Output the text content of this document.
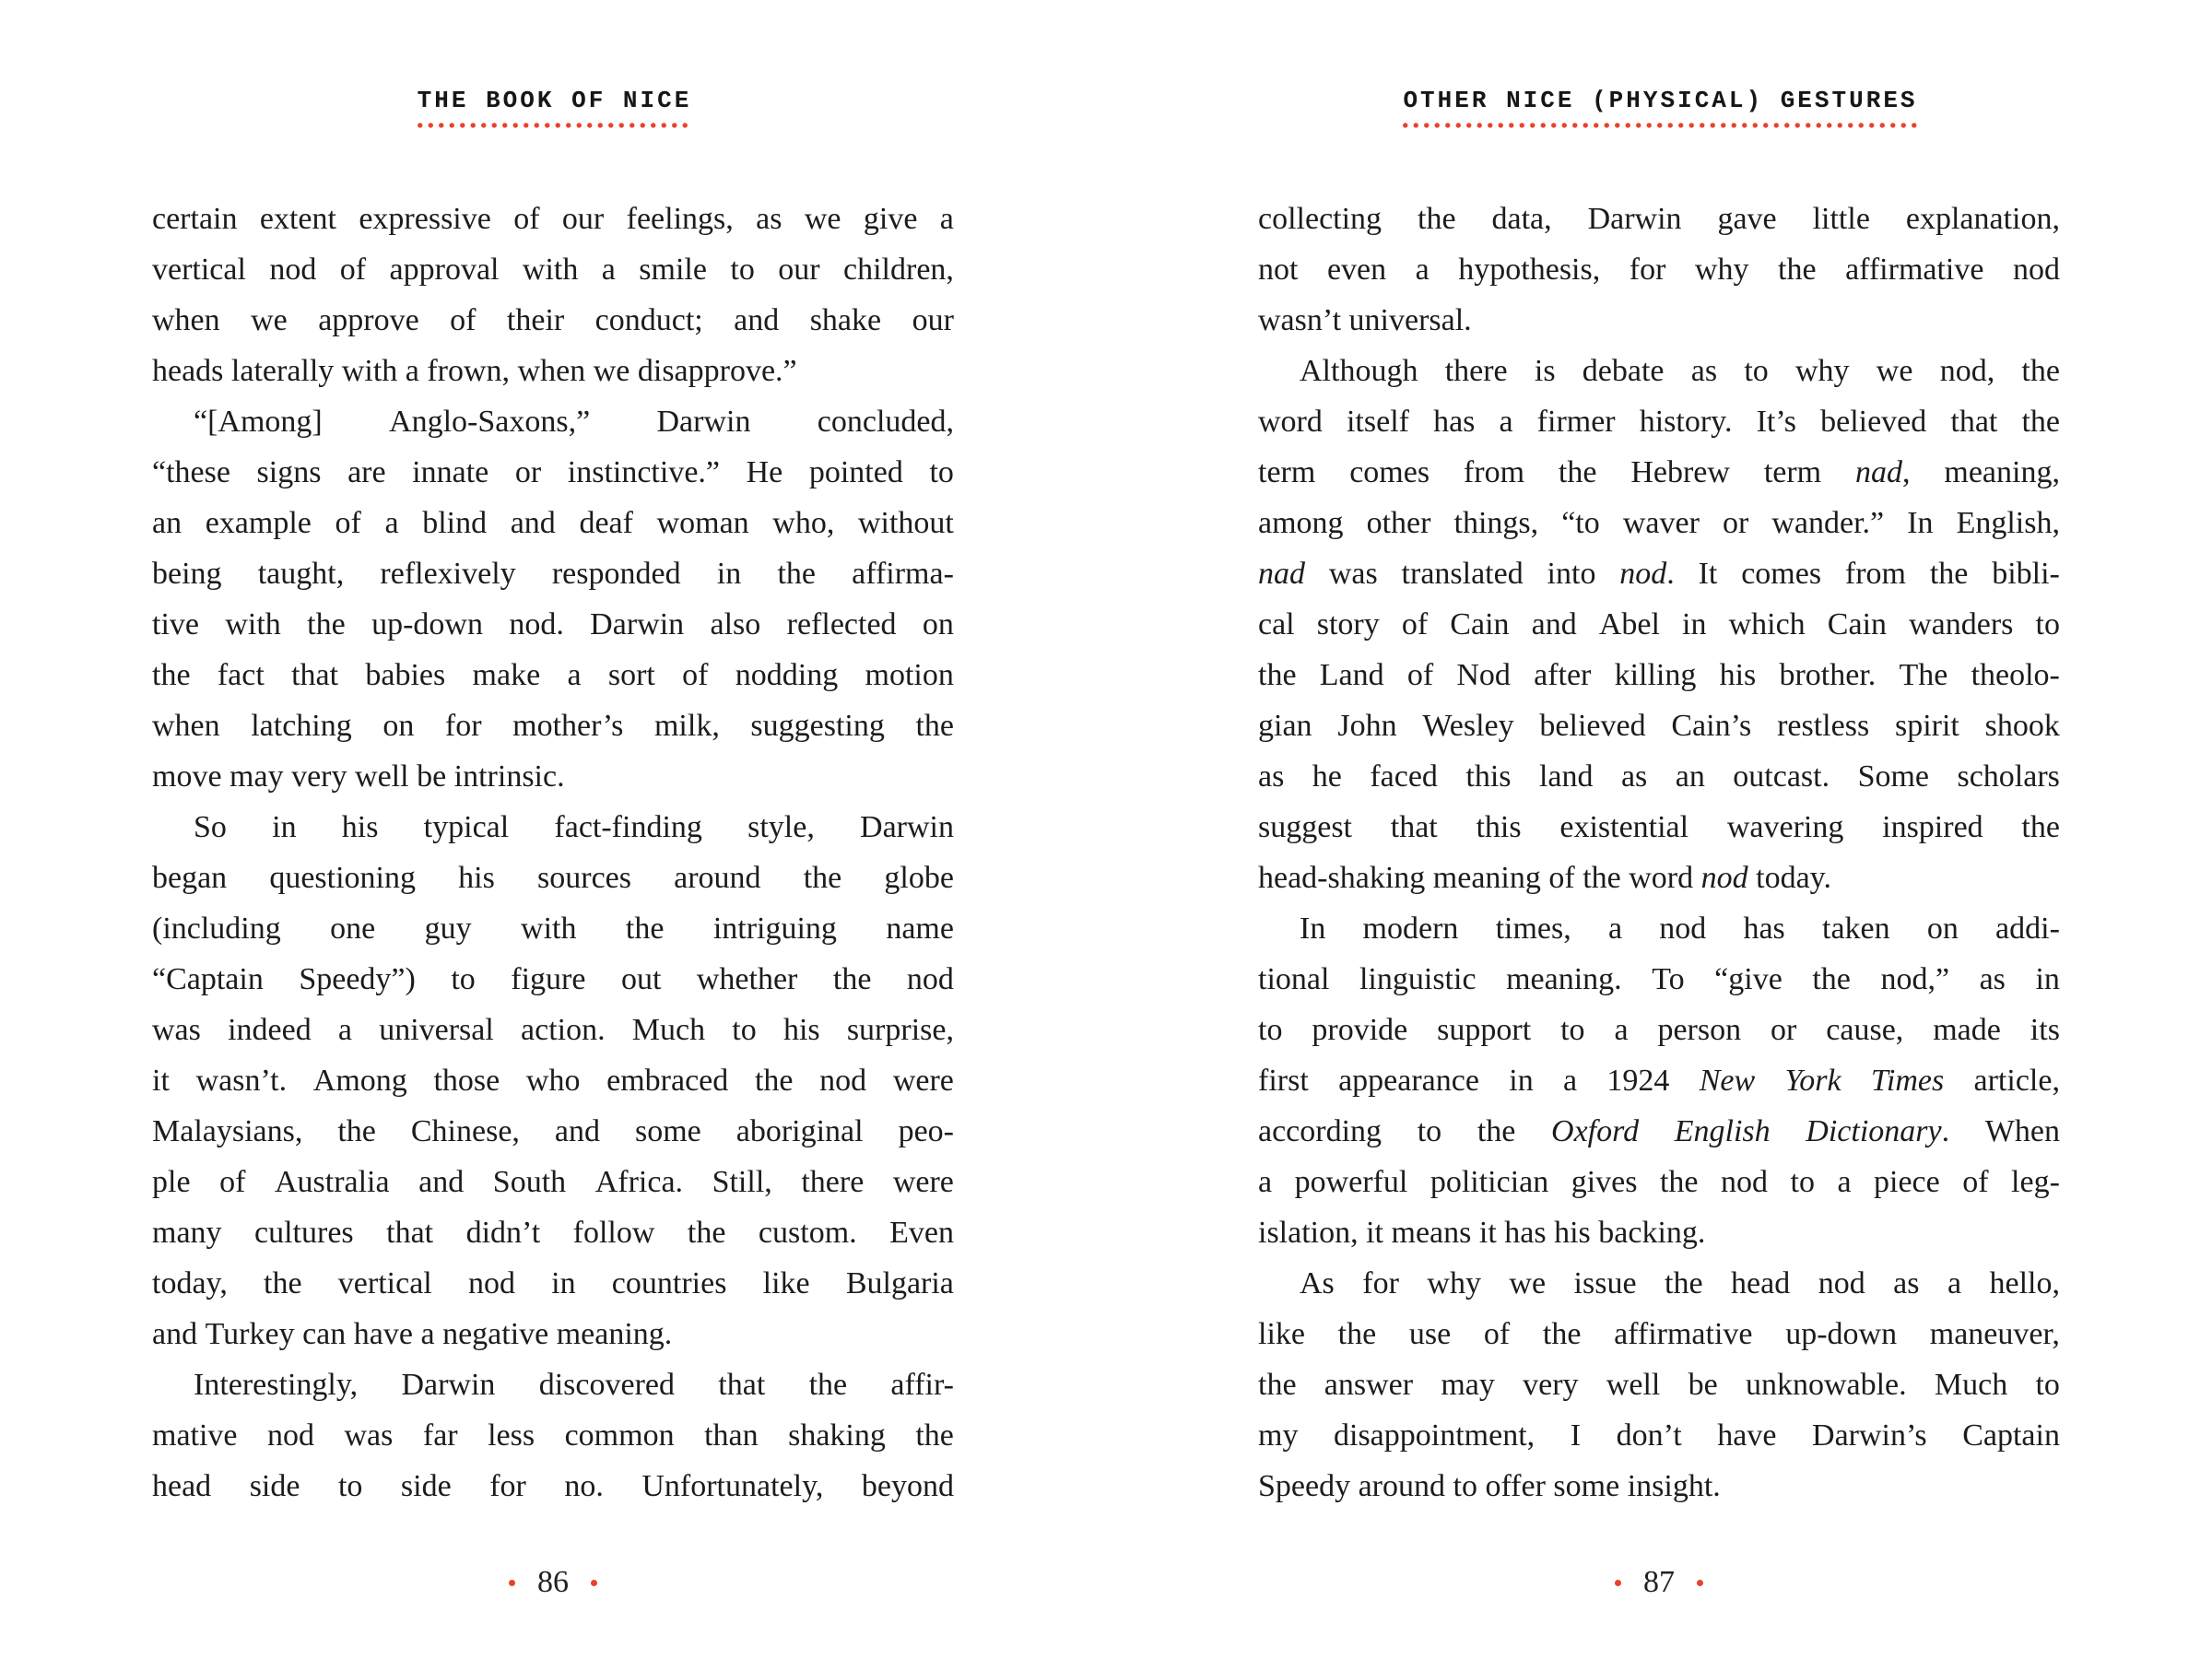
THE BOOK OF NICE
certain extent expressive of our feelings, as we give a
vertical nod of approval with a smile to our children,
when we approve of their conduct; and shake our
heads laterally with a frown, when we disapprove.”
“[Among] Anglo-Saxons,” Darwin concluded,
“these signs are innate or instinctive.” He pointed to
an example of a blind and deaf woman who, without
being taught, reflexively responded in the affirma-
tive with the up-down nod. Darwin also reflected on
the fact that babies make a sort of nodding motion
when latching on for mother’s milk, suggesting the
move may very well be intrinsic.
So in his typical fact-finding style, Darwin
began questioning his sources around the globe
(including one guy with the intriguing name
“Captain Speedy”) to figure out whether the nod
was indeed a universal action. Much to his surprise,
it wasn’t. Among those who embraced the nod were
Malaysians, the Chinese, and some aboriginal peo-
ple of Australia and South Africa. Still, there were
many cultures that didn’t follow the custom. Even
today, the vertical nod in countries like Bulgaria
and Turkey can have a negative meaning.
Interestingly, Darwin discovered that the affir-
mative nod was far less common than shaking the
head side to side for no. Unfortunately, beyond
86
OTHER NICE (PHYSICAL) GESTURES
collecting the data, Darwin gave little explanation,
not even a hypothesis, for why the affirmative nod
wasn’t universal.
Although there is debate as to why we nod, the
word itself has a firmer history. It’s believed that the
term comes from the Hebrew term nad, meaning,
among other things, “to waver or wander.” In English,
nad was translated into nod. It comes from the bibli-
cal story of Cain and Abel in which Cain wanders to
the Land of Nod after killing his brother. The theolo-
gian John Wesley believed Cain’s restless spirit shook
as he faced this land as an outcast. Some scholars
suggest that this existential wavering inspired the
head-shaking meaning of the word nod today.
In modern times, a nod has taken on addi-
tional linguistic meaning. To “give the nod,” as in
to provide support to a person or cause, made its
first appearance in a 1924 New York Times article,
according to the Oxford English Dictionary. When
a powerful politician gives the nod to a piece of leg-
islation, it means it has his backing.
As for why we issue the head nod as a hello,
like the use of the affirmative up-down maneuver,
the answer may very well be unknowable. Much to
my disappointment, I don’t have Darwin’s Captain
Speedy around to offer some insight.
87
